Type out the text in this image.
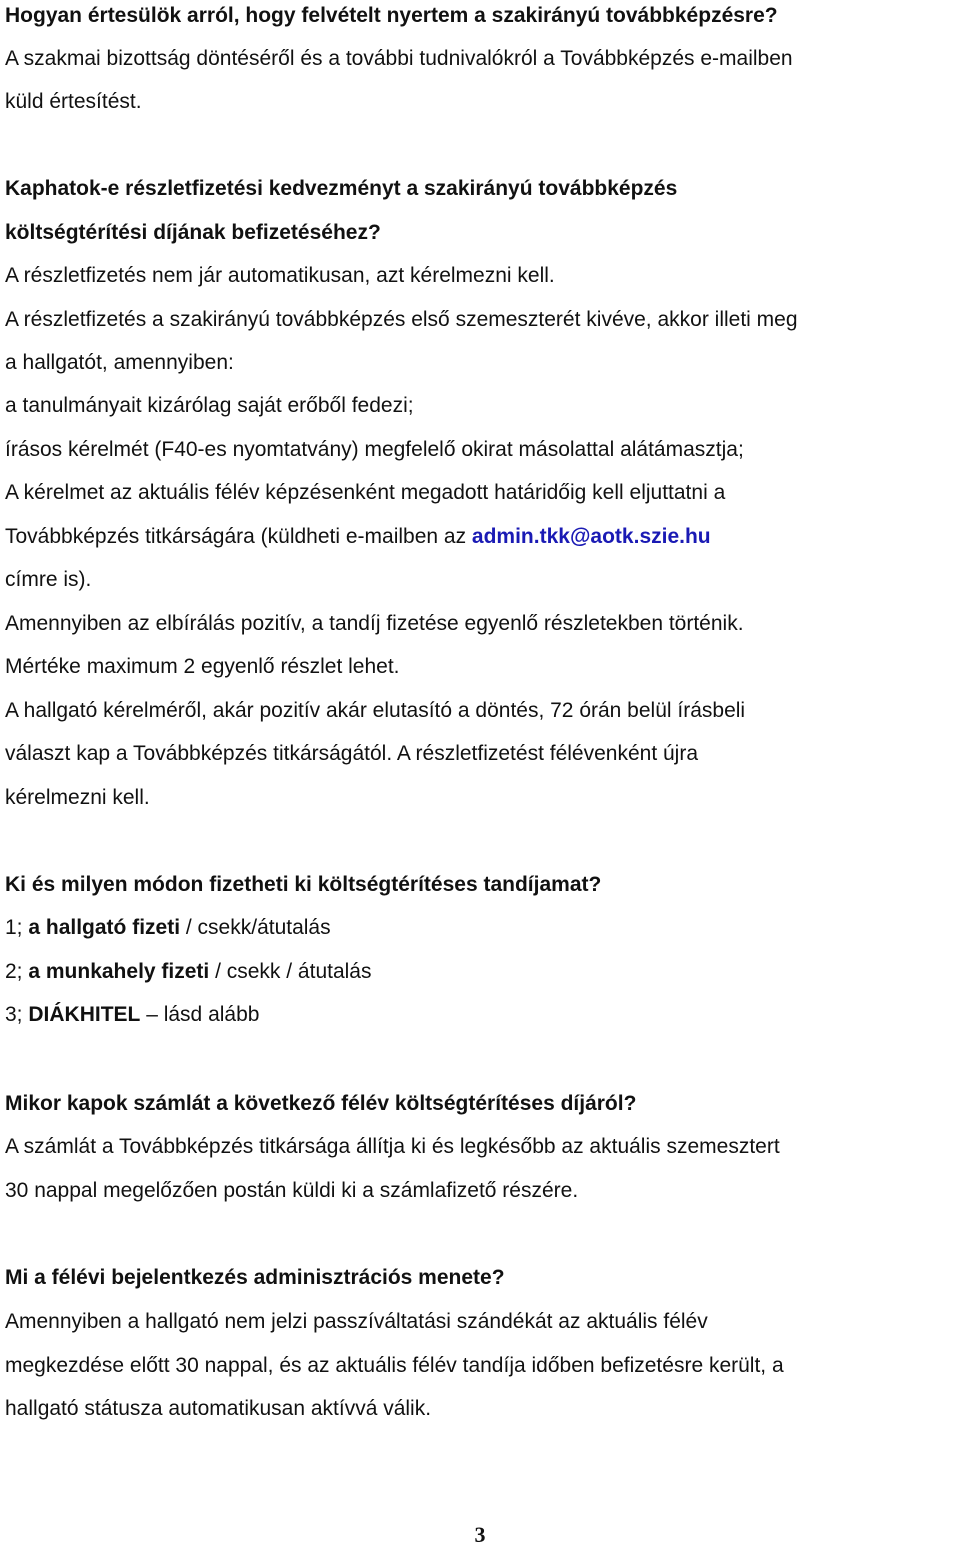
Hogyan értesülök arról, hogy felvételt nyertem a szakirányú továbbképzésre?
A szakmai bizottság döntéséről és a további tudnivalókról a Továbbképzés e-mailben
küld értesítést.
Kaphatok-e részletfizetési kedvezményt a szakirányú továbbképzés
költségtérítési díjának befizetéséhez?
A részletfizetés nem jár automatikusan, azt kérelmezni kell.
A részletfizetés a szakirányú továbbképzés első szemeszterét kivéve, akkor illeti meg
a hallgatót, amennyiben:
a tanulmányait kizárólag saját erőből fedezi;
írásos kérelmét (F40-es nyomtatvány) megfelelő okirat másolattal alátámasztja;
A kérelmet az aktuális félév képzésenként megadott határidőig kell eljuttatni a
Továbbképzés titkárságára (küldheti e-mailben az admin.tkk@aotk.szie.hu
címre is).
Amennyiben az elbírálás pozitív, a tandíj fizetése egyenlő részletekben történik.
Mértéke maximum 2 egyenlő részlet lehet.
A hallgató kérelméről, akár pozitív akár elutasító a döntés, 72 órán belül írásbeli
választ kap a Továbbképzés titkárságától. A részletfizetést félévenként újra
kérelmezni kell.
Ki és milyen módon fizetheti ki költségtérítéses tandíjamat?
1; a hallgató fizeti / csekk/átutalás
2; a munkahely fizeti / csekk / átutalás
3; DIÁKHITEL – lásd alább
Mikor kapok számlát a következő félév költségtérítéses díjáról?
A számlát a Továbbképzés titkársága állítja ki és legkésőbb az aktuális szemesztert
30 nappal megelőzően postán küldi ki a számlafizető részére.
Mi a félévi bejelentkezés adminisztrációs menete?
Amennyiben a hallgató nem jelzi passzíváltatási szándékát az aktuális félév
megkezdése előtt 30 nappal, és az aktuális félév tandíja időben befizetésre került, a
hallgató státusza automatikusan aktívvá válik.
3
